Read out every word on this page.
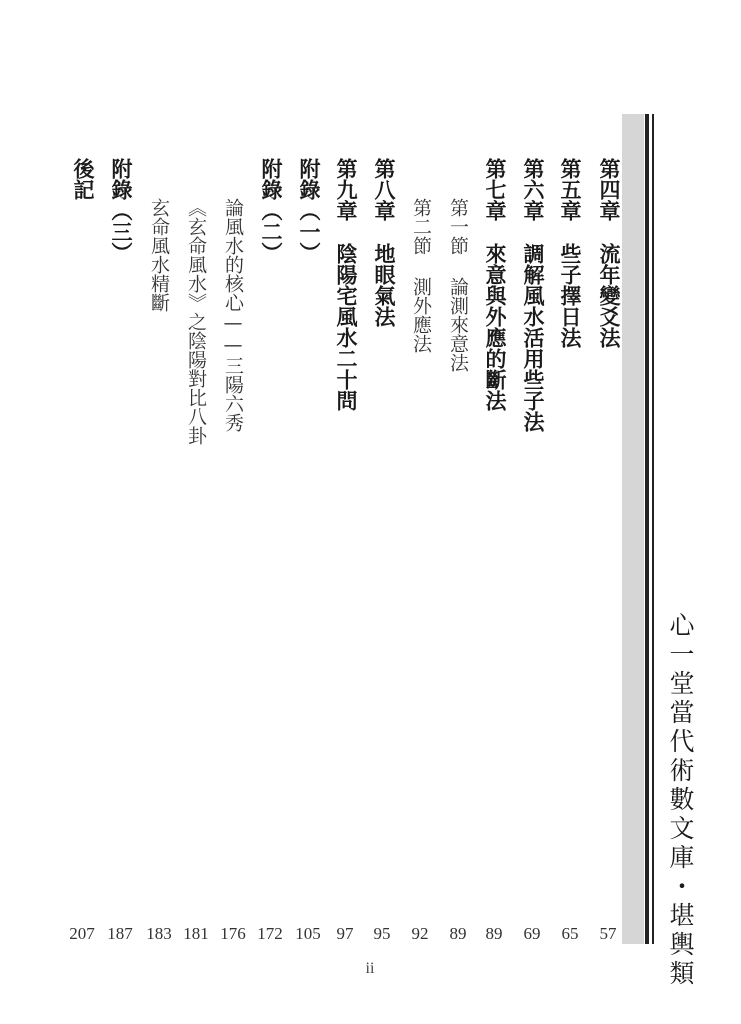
心一堂當代術數文庫・堪輿類
第四章流年變爻法
第五章些子擇日法
第六章調解風水活用些子法
第七章來意與外應的斷法
第一節論測來意法
第二節測外應法
第八章地眼氣法
第九章陰陽宅風水二十問
附錄（一）
附錄（二）
論風水的核心——三陽六秀
《玄命風水》之陰陽對比八卦
玄命風水精斷
附錄（三）
後記
57
65
69
89
89
92
95
97
105
172
176
181
183
187
207
ii
